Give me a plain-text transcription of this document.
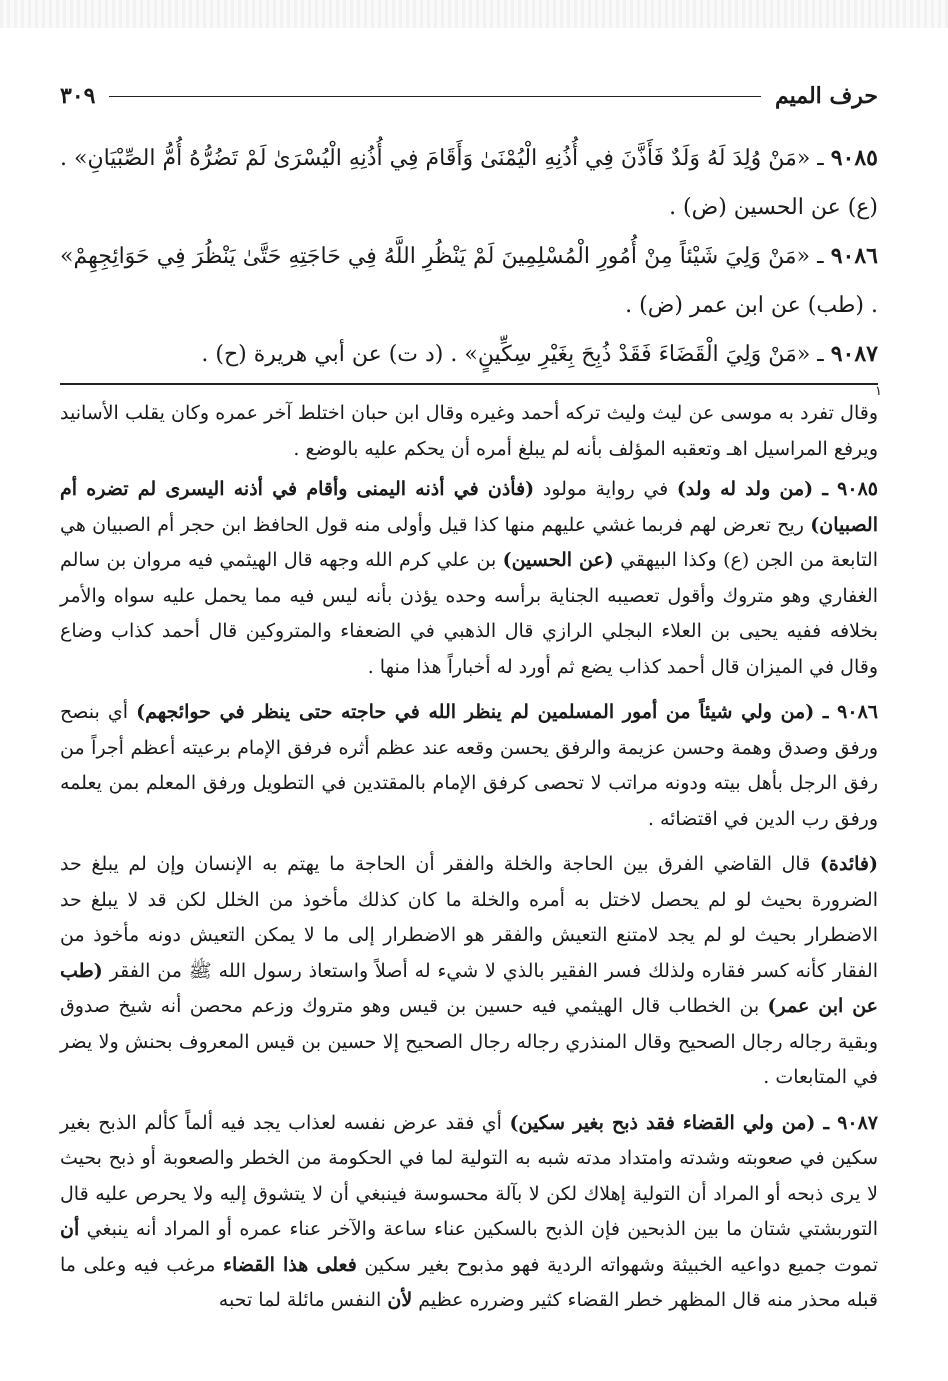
حرف الميم
٣٠٩

٩٠٨٥ ـ «مَنْ وُلِدَ لَهُ وَلَدٌ فَأَذَّنَ فِي أُذُنِهِ الْيُمْنَىٰ وَأَقَامَ فِي أُذُنِهِ الْيُسْرَىٰ لَمْ تَضُرُّهُ أُمُّ الصِّبْيَانِ» . (ع) عن الحسين (ض) .

٩٠٨٦ ـ «مَنْ وَلِيَ شَيْئاً مِنْ أُمُورِ الْمُسْلِمِينَ لَمْ يَنْظُرِ اللَّهُ فِي حَاجَتِهِ حَتَّىٰ يَنْظُرَ فِي حَوَائِجِهِمْ» . (طب) عن ابن عمر (ض) .

٩٠٨٧ ـ «مَنْ وَلِيَ الْقَضَاءَ فَقَدْ ذُبِحَ بِغَيْرِ سِكِّينٍ» . (د ت) عن أبي هريرة (ح) .

١

وقال تفرد به موسى عن ليث وليث تركه أحمد وغيره وقال ابن حبان اختلط آخر عمره وكان يقلب الأسانيد ويرفع المراسيل اهـ وتعقبه المؤلف بأنه لم يبلغ أمره أن يحكم عليه بالوضع .

٩٠٨٥ ـ (من ولد له ولد) في رواية مولود (فأذن في أذنه اليمنى وأقام في أذنه اليسرى لم تضره أم الصبيان) ريح تعرض لهم فربما غشي عليهم منها كذا قيل وأولى منه قول الحافظ ابن حجر أم الصبيان هي التابعة من الجن (ع) وكذا البيهقي (عن الحسين) بن علي كرم الله وجهه قال الهيثمي فيه مروان بن سالم الغفاري وهو متروك وأقول تعصيبه الجناية برأسه وحده يؤذن بأنه ليس فيه مما يحمل عليه سواه والأمر بخلافه ففيه يحيى بن العلاء البجلي الرازي قال الذهبي في الضعفاء والمتروكين قال أحمد كذاب وضاع وقال في الميزان قال أحمد كذاب يضع ثم أورد له أخباراً هذا منها .

٩٠٨٦ ـ (من ولي شيئاً من أمور المسلمين لم ينظر الله في حاجته حتى ينظر في حوائجهم) أي بنصح ورفق وصدق وهمة وحسن عزيمة والرفق يحسن وقعه عند عظم أثره فرفق الإمام برعيته أعظم أجراً من رفق الرجل بأهل بيته ودونه مراتب لا تحصى كرفق الإمام بالمقتدين في التطويل ورفق المعلم بمن يعلمه ورفق رب الدين في اقتضائه .

(فائدة) قال القاضي الفرق بين الحاجة والخلة والفقر أن الحاجة ما يهتم به الإنسان وإن لم يبلغ حد الضرورة بحيث لو لم يحصل لاختل به أمره والخلة ما كان كذلك مأخوذ من الخلل لكن قد لا يبلغ حد الاضطرار بحيث لو لم يجد لامتنع التعيش والفقر هو الاضطرار إلى ما لا يمكن التعيش دونه مأخوذ من الفقار كأنه كسر فقاره ولذلك فسر الفقير بالذي لا شيء له أصلاً واستعاذ رسول الله ﷺ من الفقر (طب عن ابن عمر) بن الخطاب قال الهيثمي فيه حسين بن قيس وهو متروك وزعم محصن أنه شيخ صدوق وبقية رجاله رجال الصحيح وقال المنذري رجاله رجال الصحيح إلا حسين بن قيس المعروف بحنش ولا يضر في المتابعات .

٩٠٨٧ ـ (من ولي القضاء فقد ذبح بغير سكين) أي فقد عرض نفسه لعذاب يجد فيه ألماً كألم الذبح بغير سكين في صعوبته وشدته وامتداد مدته شبه به التولية لما في الحكومة من الخطر والصعوبة أو ذبح بحيث لا يرى ذبحه أو المراد أن التولية إهلاك لكن لا بآلة محسوسة فينبغي أن لا يتشوق إليه ولا يحرص عليه قال التوربشتي شتان ما بين الذبحين فإن الذبح بالسكين عناء ساعة والآخر عناء عمره أو المراد أنه ينبغي أن تموت جميع دواعيه الخبيثة وشهواته الردية فهو مذبوح بغير سكين فعلى هذا القضاء مرغب فيه وعلى ما قبله محذر منه قال المظهر خطر القضاء كثير وضرره عظيم لأن النفس مائلة لما تحبه
